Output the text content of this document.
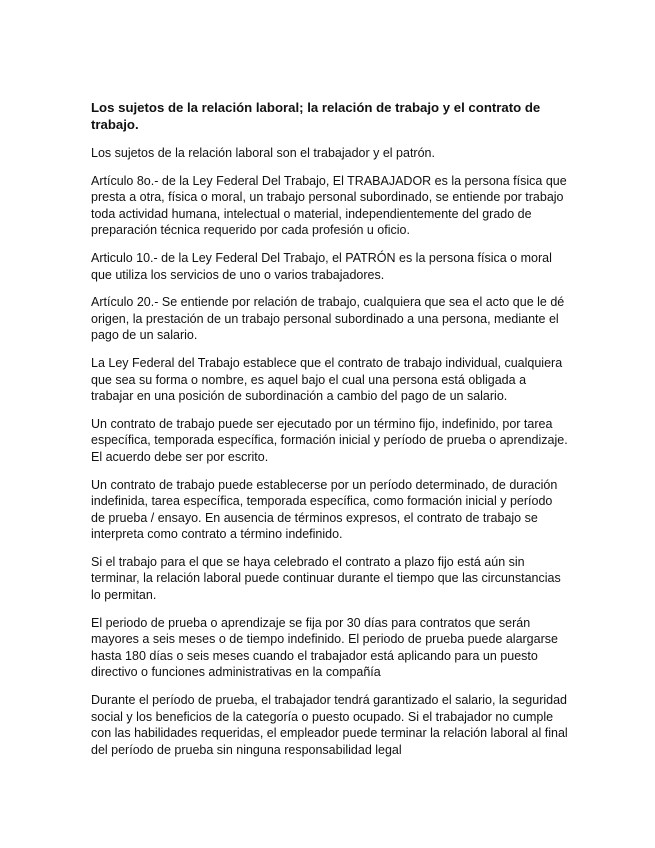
Los sujetos de la relación laboral; la relación de trabajo y el contrato de trabajo.

Los sujetos de la relación laboral son el trabajador y el patrón.

Artículo 8o.- de la Ley Federal Del Trabajo, El TRABAJADOR es la persona física que presta a otra, física o moral, un trabajo personal subordinado, se entiende por trabajo toda actividad humana, intelectual o material, independientemente del grado de preparación técnica requerido por cada profesión u oficio.

Articulo 10.- de la Ley Federal Del Trabajo, el PATRÓN es la persona física o moral que utiliza los servicios de uno o varios trabajadores.

Artículo 20.- Se entiende por relación de trabajo, cualquiera que sea el acto que le dé origen, la prestación de un trabajo personal subordinado a una persona, mediante el pago de un salario.

La Ley Federal del Trabajo establece que el contrato de trabajo individual, cualquiera que sea su forma o nombre, es aquel bajo el cual una persona está obligada a trabajar en una posición de subordinación a cambio del pago de un salario.

Un contrato de trabajo puede ser ejecutado por un término fijo, indefinido, por tarea específica, temporada específica, formación inicial y período de prueba o aprendizaje. El acuerdo debe ser por escrito.

Un contrato de trabajo puede establecerse por un período determinado, de duración indefinida, tarea específica, temporada específica, como formación inicial y período de prueba / ensayo. En ausencia de términos expresos, el contrato de trabajo se interpreta como contrato a término indefinido.

Si el trabajo para el que se haya celebrado el contrato a plazo fijo está aún sin terminar, la relación laboral puede continuar durante el tiempo que las circunstancias lo permitan.

El periodo de prueba o aprendizaje se fija por 30 días para contratos que serán mayores a seis meses o de tiempo indefinido. El periodo de prueba puede alargarse hasta 180 días o seis meses cuando el trabajador está aplicando para un puesto directivo o funciones administrativas en la compañía

Durante el período de prueba, el trabajador tendrá garantizado el salario, la seguridad social y los beneficios de la categoría o puesto ocupado. Si el trabajador no cumple con las habilidades requeridas, el empleador puede terminar la relación laboral al final del período de prueba sin ninguna responsabilidad legal
